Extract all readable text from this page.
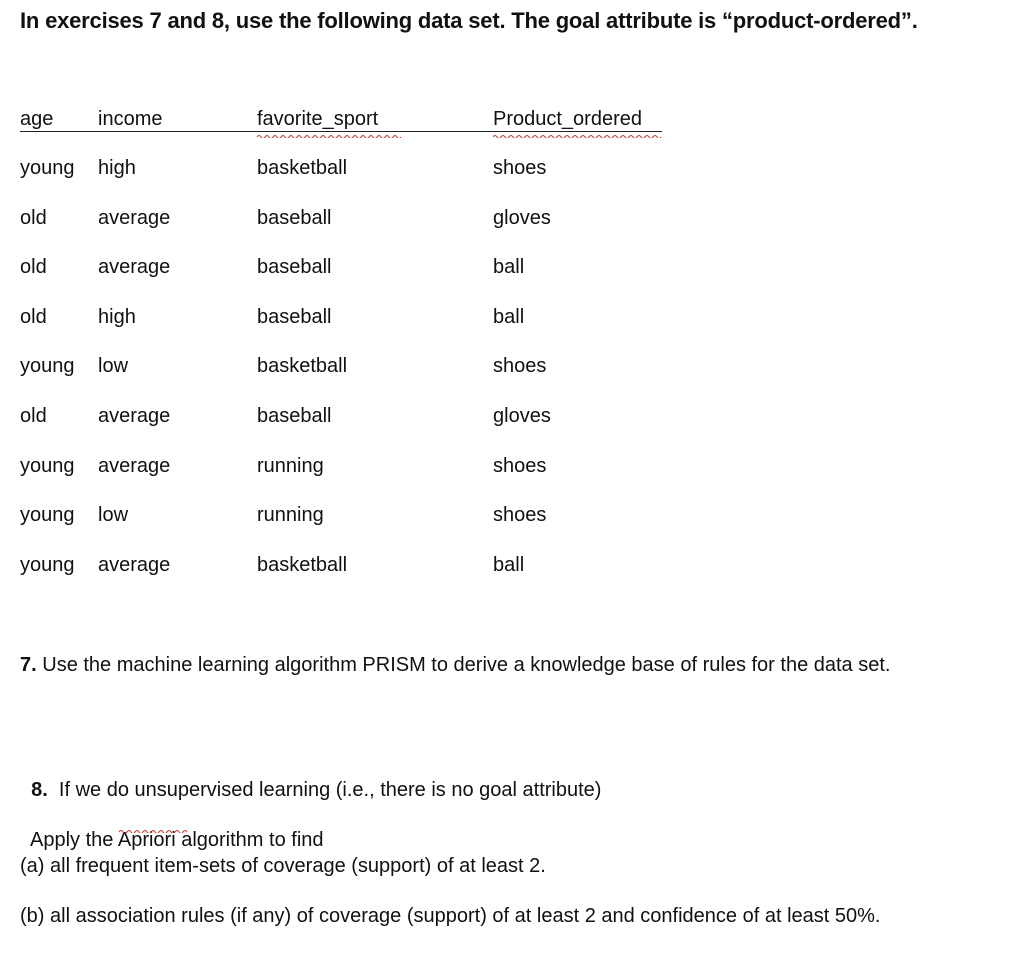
In exercises 7 and 8, use the following data set. The goal attribute is “product-ordered”.
age income	favorite_sport	Product_ordered
young high	basketball	shoes
old	average	baseball	gloves
old	average	baseball	ball
old	high	baseball	ball
young low	basketball	shoes
old	average	baseball	gloves
young average	running	shoes
young low	running	shoes
young average	basketball	ball
7. Use the machine learning algorithm PRISM to derive a knowledge base of rules for the data set.

8.  If we do unsupervised learning (i.e., there is no goal attribute)

Apply the Apriori algorithm to find

(a) all frequent item-sets of coverage (support) of at least 2.
(b) all association rules (if any) of coverage (support) of at least 2 and confidence of at least 50%.
